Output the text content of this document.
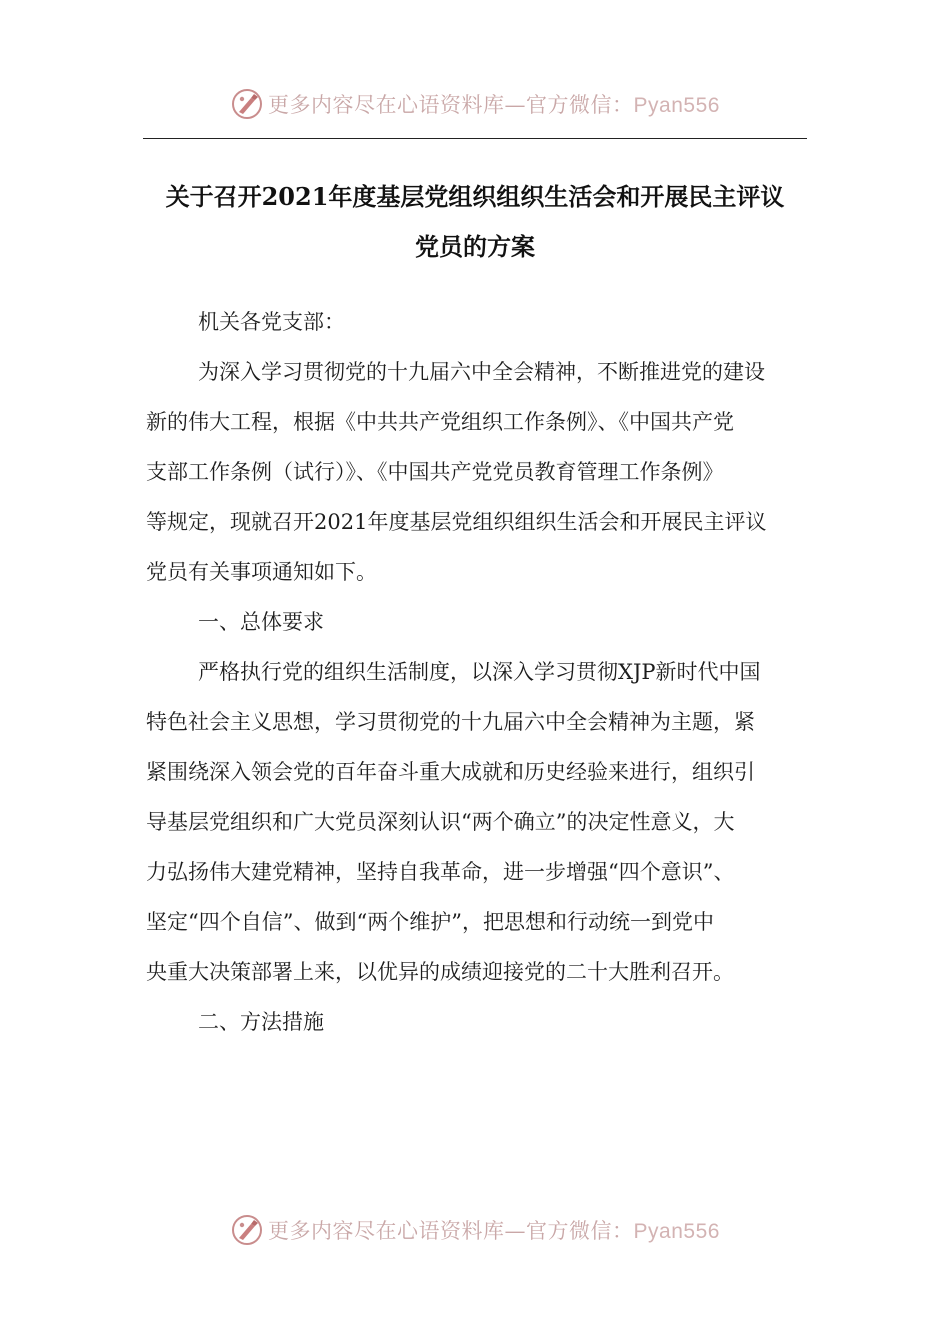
更多内容尽在心语资料库—官方微信：Pyan556
关于召开2021年度基层党组织组织生活会和开展民主评议
党员的方案
机关各党支部：
为深入学习贯彻党的十九届六中全会精神，不断推进党的建设
新的伟大工程，根据《中共共产党组织工作条例》、《中国共产党
支部工作条例（试行）》、《中国共产党党员教育管理工作条例》
等规定，现就召开2021年度基层党组织组织生活会和开展民主评议
党员有关事项通知如下。
一、总体要求
严格执行党的组织生活制度，以深入学习贯彻XJP新时代中国
特色社会主义思想，学习贯彻党的十九届六中全会精神为主题，紧
紧围绕深入领会党的百年奋斗重大成就和历史经验来进行，组织引
导基层党组织和广大党员深刻认识“两个确立”的决定性意义，大
力弘扬伟大建党精神，坚持自我革命，进一步增强“四个意识”、
坚定“四个自信”、做到“两个维护”，把思想和行动统一到党中
央重大决策部署上来，以优异的成绩迎接党的二十大胜利召开。
二、方法措施
更多内容尽在心语资料库—官方微信：Pyan556
